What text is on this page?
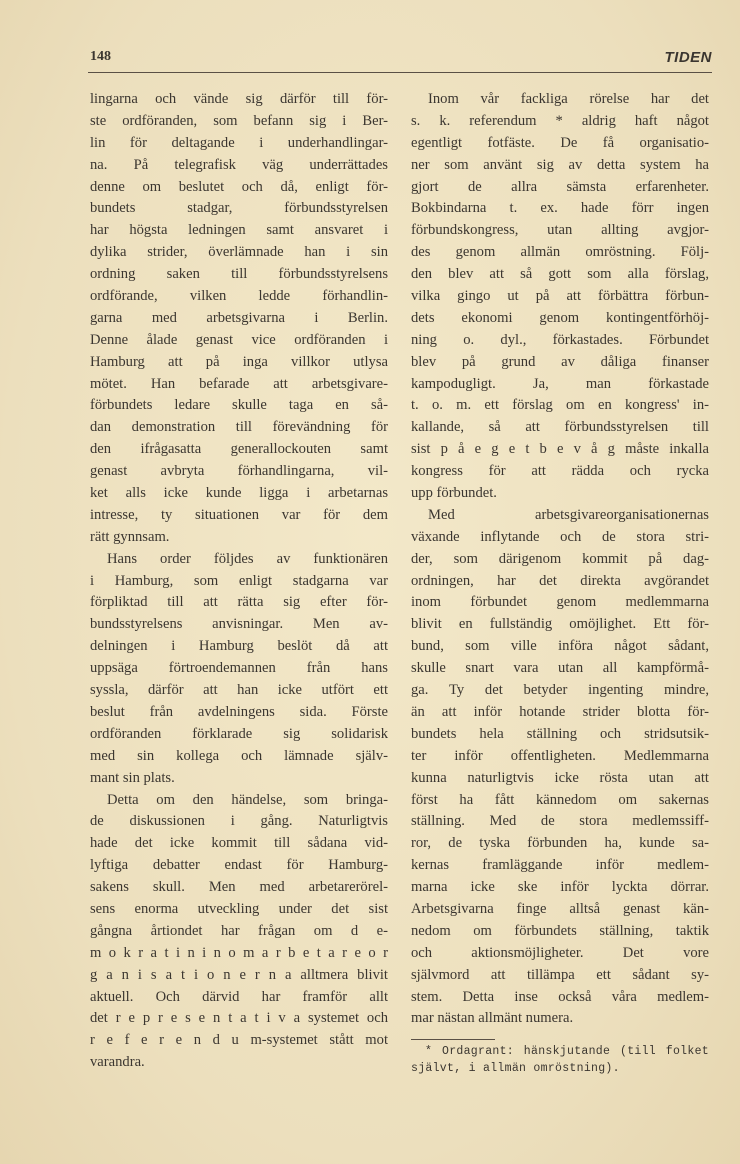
148	TIDEN
lingarna och vände sig därför till för-
ste ordföranden, som befann sig i Ber-
lin för deltagande i underhandlingar-
na. På telegrafisk väg underrättades
denne om beslutet och då, enligt för-
bundets stadgar, förbundsstyrelsen
har högsta ledningen samt ansvaret i
dylika strider, överlämnade han i sin
ordning saken till förbundsstyrelsens
ordförande, vilken ledde förhandlin-
garna med arbetsgivarna i Berlin.
Denne ålade genast vice ordföranden i
Hamburg att på inga villkor utlysa
mötet. Han befarade att arbetsgivare-
förbundets ledare skulle taga en så-
dan demonstration till förevändning för
den ifrågasatta generallockouten samt
genast avbryta förhandlingarna, vil-
ket alls icke kunde ligga i arbetarnas
intresse, ty situationen var för dem
rätt gynnsam.
Hans order följdes av funktionären
i Hamburg, som enligt stadgarna var
förpliktad till att rätta sig efter för-
bundsstyrelsens anvisningar. Men av-
delningen i Hamburg beslöt då att
uppsäga förtroendemannen från hans
syssla, därför att han icke utfört ett
beslut från avdelningens sida. Förste
ordföranden förklarade sig solidarisk
med sin kollega och lämnade själv-
mant sin plats.
Detta om den händelse, som bringa-
de diskussionen i gång. Naturligtvis
hade det icke kommit till sådana vid-
lyftiga debatter endast för Hamburg-
sakens skull. Men med arbetarerörel-
sens enorma utveckling under det sist
gångna årtiondet har frågan om d e-
m o k r a t i n i n o m a r b e t a r e o r
g a n i s a t i o n e r n a alltmera blivit
aktuell. Och därvid har framför allt
det r e p r e s e n t a t i v a systemet och
r e f e r e n d u m-systemet stått mot
varandra.
Inom vår fackliga rörelse har det
s. k. referendum * aldrig haft något
egentligt fotfäste. De få organisatio-
ner som använt sig av detta system ha
gjort de allra sämsta erfarenheter.
Bokbindarna t. ex. hade förr ingen
förbundskongress, utan allting avgjor-
des genom allmän omröstning. Följ-
den blev att så gott som alla förslag,
vilka gingo ut på att förbättra förbun-
dets ekonomi genom kontingentförhöj-
ning o. dyl., förkastades. Förbundet
blev på grund av dåliga finanser
kampodugligt. Ja, man förkastade
t. o. m. ett förslag om en kongress' in-
kallande, så att förbundsstyrelsen till
sist p å e g e t b e v å g måste inkalla
kongress för att rädda och rycka
upp förbundet.
Med arbetsgivareorganisationernas
växande inflytande och de stora stri-
der, som därigenom kommit på dag-
ordningen, har det direkta avgörandet
inom förbundet genom medlemmarna
blivit en fullständig omöjlighet. Ett för-
bund, som ville införa något sådant,
skulle snart vara utan all kampförmå-
ga. Ty det betyder ingenting mindre,
än att inför hotande strider blotta för-
bundets hela ställning och stridsutsik-
ter inför offentligheten. Medlemmarna
kunna naturligtvis icke rösta utan att
först ha fått kännedom om sakernas
ställning. Med de stora medlemssiff-
ror, de tyska förbunden ha, kunde sa-
kernas framläggande inför medlem-
marna icke ske inför lyckta dörrar.
Arbetsgivarna finge alltså genast kän-
nedom om förbundets ställning, taktik
och aktionsmöjligheter. Det vore
självmord att tillämpa ett sådant sy-
stem. Detta inse också våra medlem-
mar nästan allmänt numera.
* Ordagrant: hänskjutande (till folket
självt, i allmän omröstning).
